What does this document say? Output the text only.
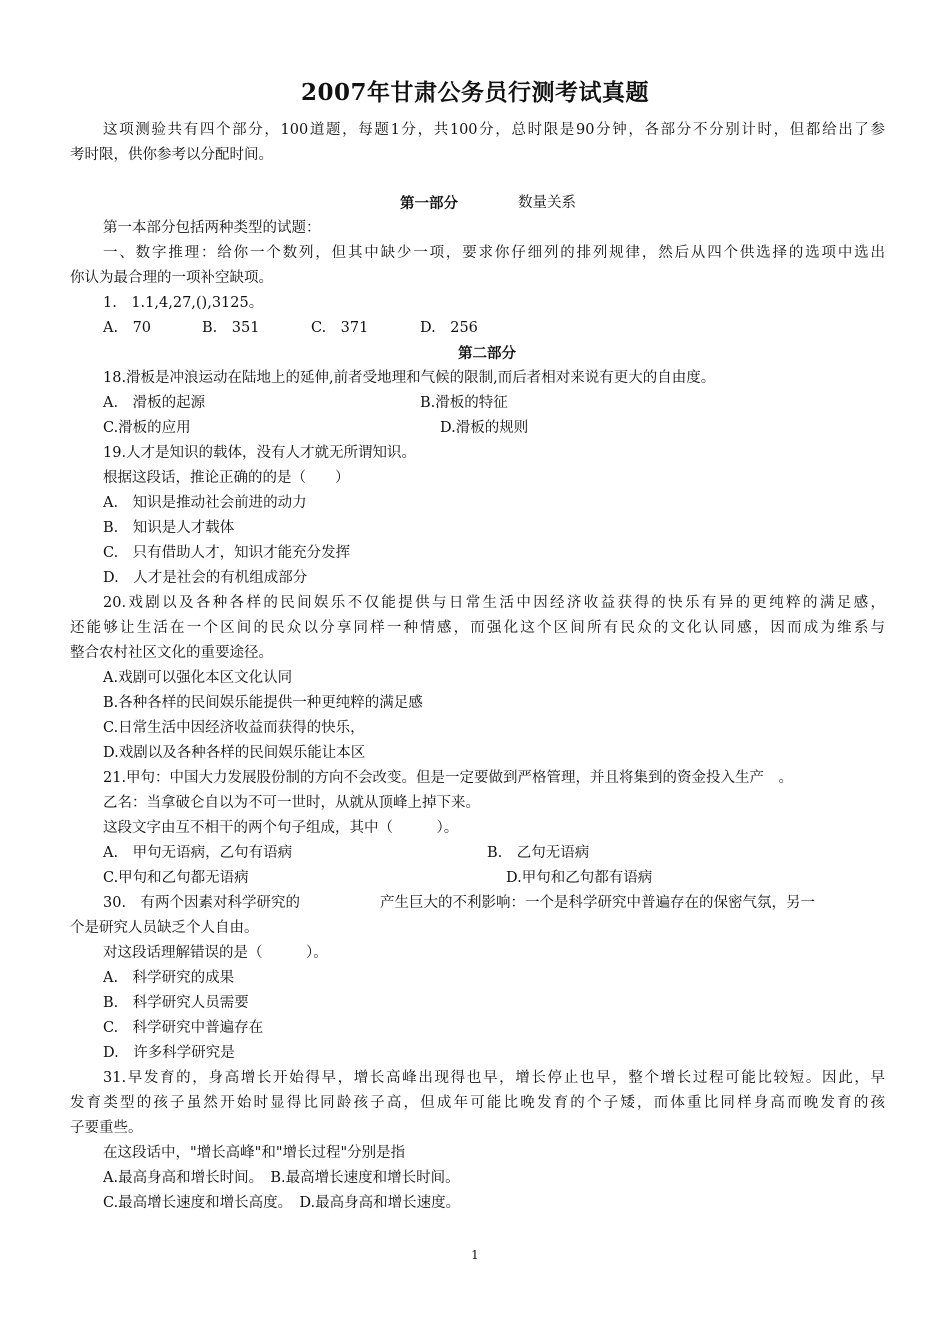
2007年甘肃公务员行测考试真题
这项测验共有四个部分，100道题，每题1分，共100分，总时限是90分钟，各部分不分别计时，但都给出了参
考时限，供你参考以分配时间。
第一部分	数量关系
第一本部分包括两种类型的试题：
一、数字推理：给你一个数列，但其中缺少一项，要求你仔细列的排列规律，然后从四个供选择的选项中选出
你认为最合理的一项补空缺项。
1.　1.1,4,27,(),3125。
A.　70	B.　351	C.　371	D.　256
第二部分
18.滑板是冲浪运动在陆地上的延伸,前者受地理和气候的限制,而后者相对来说有更大的自由度。
A.　滑板的起源	B.滑板的特征
C.滑板的应用	D.滑板的规则
19.人才是知识的载体，没有人才就无所谓知识。
根据这段话，推论正确的的是（　　）
A.　知识是推动社会前进的动力
B.　知识是人才载体
C.　只有借助人才，知识才能充分发挥
D.　人才是社会的有机组成部分
20.戏剧以及各种各样的民间娱乐不仅能提供与日常生活中因经济收益获得的快乐有异的更纯粹的满足感，
还能够让生活在一个区间的民众以分享同样一种情感，而强化这个区间所有民众的文化认同感，因而成为维系与
整合农村社区文化的重要途径。
A.戏剧可以强化本区文化认同
B.各种各样的民间娱乐能提供一种更纯粹的满足感
C.日常生活中因经济收益而获得的快乐，
D.戏剧以及各种各样的民间娱乐能让本区
21.甲句：中国大力发展股份制的方向不会改变。但是一定要做到严格管理，并且将集到的资金投入生产　。
乙名：当拿破仑自以为不可一世时，从就从顶峰上掉下来。
这段文字由互不相干的两个句子组成，其中（　　　）。
A.　甲句无语病，乙句有语病	B.　乙句无语病
C.甲句和乙句都无语病	D.甲句和乙句都有语病
30.　有两个因素对科学研究的	产生巨大的不利影响：一个是科学研究中普遍存在的保密气氛，另一
个是研究人员缺乏个人自由。
对这段话理解错误的是（　　　）。
A.　科学研究的成果
B.　科学研究人员需要
C.　科学研究中普遍存在
D.　许多科学研究是
31.早发育的，身高增长开始得早，增长高峰出现得也早，增长停止也早，整个增长过程可能比较短。因此，早
发育类型的孩子虽然开始时显得比同龄孩子高，但成年可能比晚发育的个子矮，而体重比同样身高而晚发育的孩
子要重些。
在这段话中，"增长高峰"和"增长过程"分别是指
A.最高身高和增长时间。　B.最高增长速度和增长时间。
C.最高增长速度和增长高度。　D.最高身高和增长速度。
1
